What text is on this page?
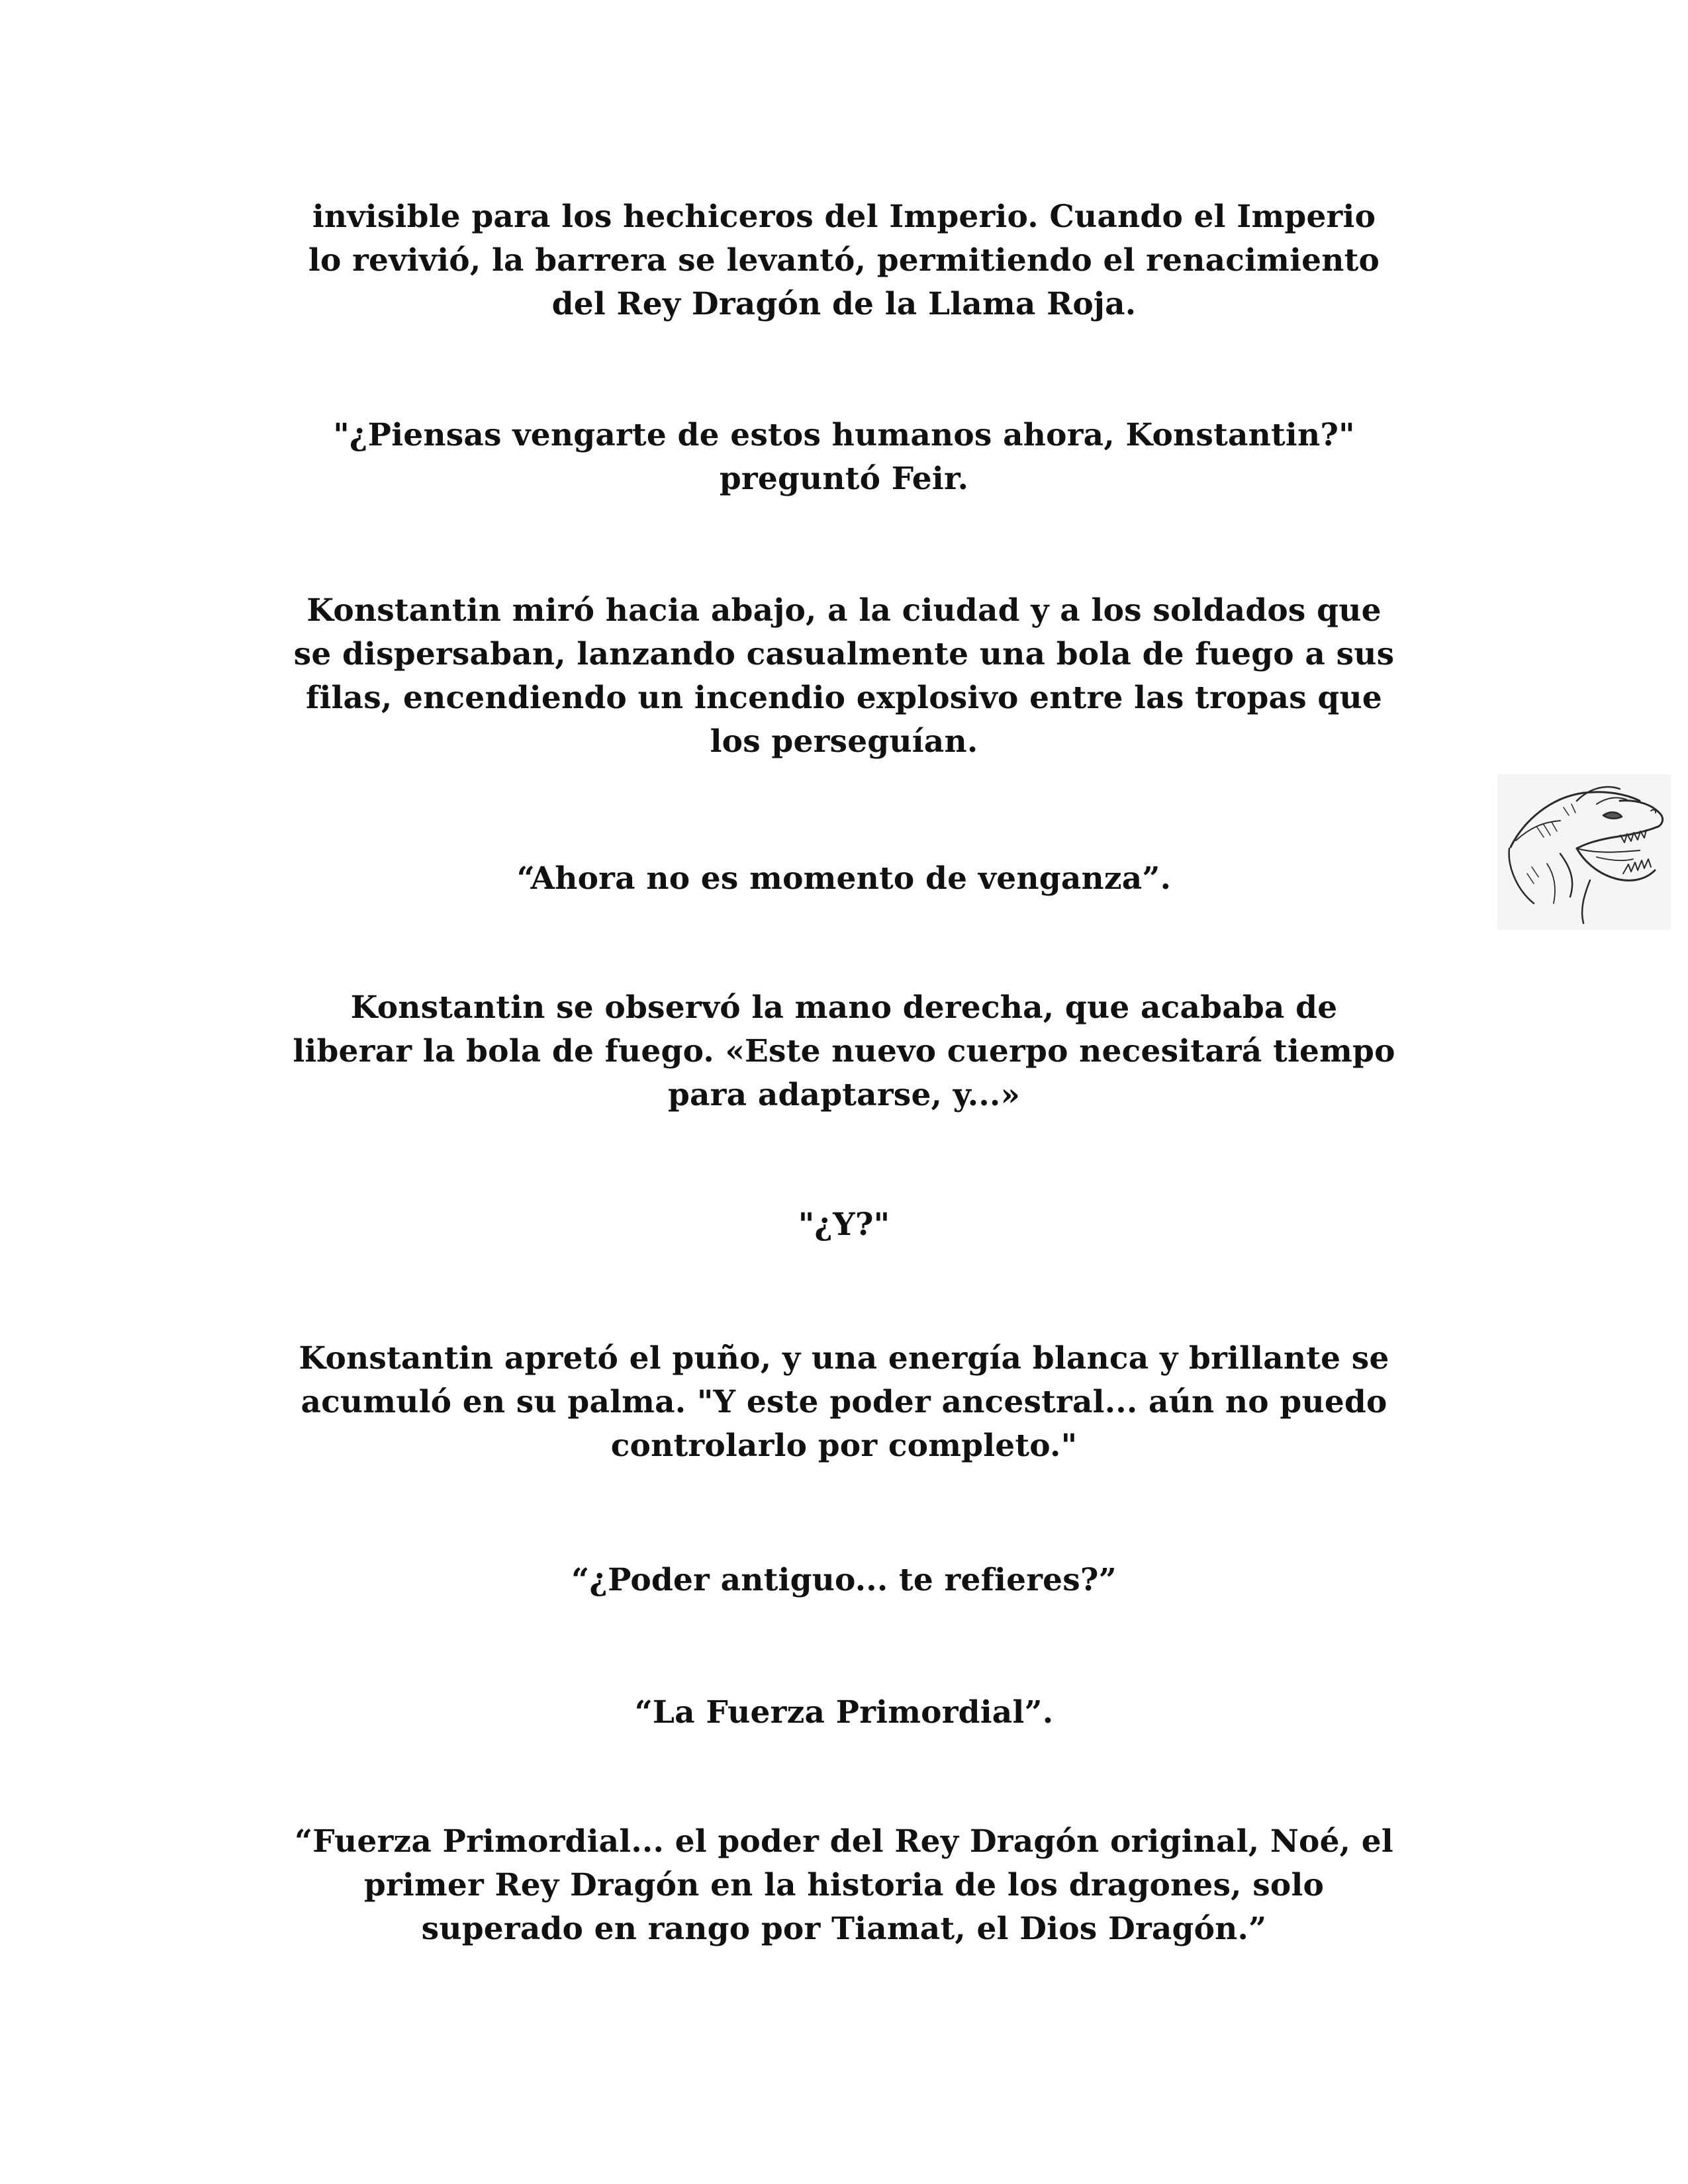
invisible para los hechiceros del Imperio. Cuando el Imperio
lo revivió, la barrera se levantó, permitiendo el renacimiento
del Rey Dragón de la Llama Roja.

"¿Piensas vengarte de estos humanos ahora, Konstantin?"
preguntó Feir.

Konstantin miró hacia abajo, a la ciudad y a los soldados que
se dispersaban, lanzando casualmente una bola de fuego a sus
filas, encendiendo un incendio explosivo entre las tropas que
los perseguían.

“Ahora no es momento de venganza”.

Konstantin se observó la mano derecha, que acababa de
liberar la bola de fuego. «Este nuevo cuerpo necesitará tiempo
para adaptarse, y...»

"¿Y?"

Konstantin apretó el puño, y una energía blanca y brillante se
acumuló en su palma. "Y este poder ancestral... aún no puedo
controlarlo por completo."

“¿Poder antiguo... te refieres?”

“La Fuerza Primordial”.

“Fuerza Primordial... el poder del Rey Dragón original, Noé, el
primer Rey Dragón en la historia de los dragones, solo
superado en rango por Tiamat, el Dios Dragón.”
